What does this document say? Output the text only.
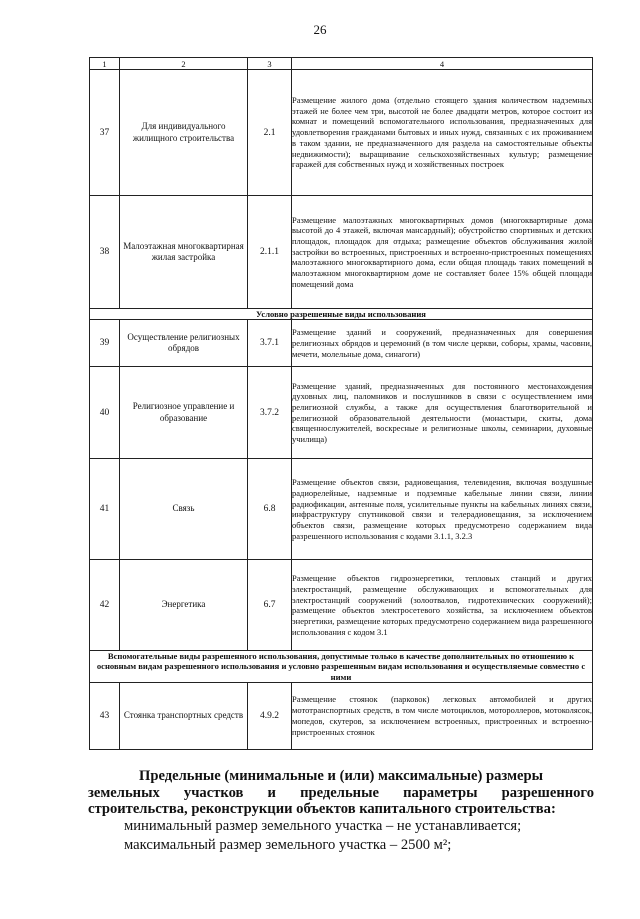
26
1	2	3	4
37	Для индивидуального жилищного строительства	2.1	Размещение жилого дома (отдельно стоящего здания количеством надземных этажей не более чем три, высотой не более двадцати метров, которое состоит из комнат и помещений вспомогательного использования, предназначенных для удовлетворения гражданами бытовых и иных нужд, связанных с их проживанием в таком здании, не предназначенного для раздела на самостоятельные объекты недвижимости); выращивание сельскохозяйственных культур; размещение гаражей для собственных нужд и хозяйственных построек
38	Малоэтажная многоквартирная жилая застройка	2.1.1	Размещение малоэтажных многоквартирных домов (многоквартирные дома высотой до 4 этажей, включая мансардный); обустройство спортивных и детских площадок, площадок для отдыха; размещение объектов обслуживания жилой застройки во встроенных, пристроенных и встроенно-пристроенных помещениях малоэтажного многоквартирного дома, если общая площадь таких помещений в малоэтажном многоквартирном доме не составляет более 15% общей площади помещений дома
Условно разрешенные виды использования			
39	Осуществление религиозных обрядов	3.7.1	Размещение зданий и сооружений, предназначенных для совершения религиозных обрядов и церемоний (в том числе церкви, соборы, храмы, часовни, мечети, молельные дома, синагоги)
40	Религиозное управление и образование	3.7.2	Размещение зданий, предназначенных для постоянного местонахождения духовных лиц, паломников и послушников в связи с осуществлением ими религиозной службы, а также для осуществления благотворительной и религиозной образовательной деятельности (монастыри, скиты, дома священнослужителей, воскресные и религиозные школы, семинарии, духовные училища)
41	Связь	6.8	Размещение объектов связи, радиовещания, телевидения, включая воздушные радиорелейные, надземные и подземные кабельные линии связи, линии радиофикации, антенные поля, усилительные пункты на кабельных линиях связи, инфраструктуру спутниковой связи и телерадиовещания, за исключением объектов связи, размещение которых предусмотрено содержанием вида разрешенного использования с кодами 3.1.1, 3.2.3
42	Энергетика	6.7	Размещение объектов гидроэнергетики, тепловых станций и других электростанций, размещение обслуживающих и вспомогательных для электростанций сооружений (золоотвалов, гидротехнических сооружений); размещение объектов электросетевого хозяйства, за исключением объектов энергетики, размещение которых предусмотрено содержанием вида разрешенного использования с кодом 3.1
Вспомогательные виды разрешенного использования, допустимые только в качестве дополнительных по отношению к основным видам разрешенного использования и условно разрешенным видам использования и осуществляемые совместно с ними			
43	Стоянка транспортных средств	4.9.2	Размещение стоянок (парковок) легковых автомобилей и других мототранспортных средств, в том числе мотоциклов, мотороллеров, мотоколясок, мопедов, скутеров, за исключением встроенных, пристроенных и встроенно-пристроенных стоянок
Предельные (минимальные и (или) максимальные) размеры
земельных участков и предельные параметры разрешенного
строительства, реконструкции объектов капитального строительства:
минимальный размер земельного участка – не устанавливается;
максимальный размер земельного участка – 2500 м²;
